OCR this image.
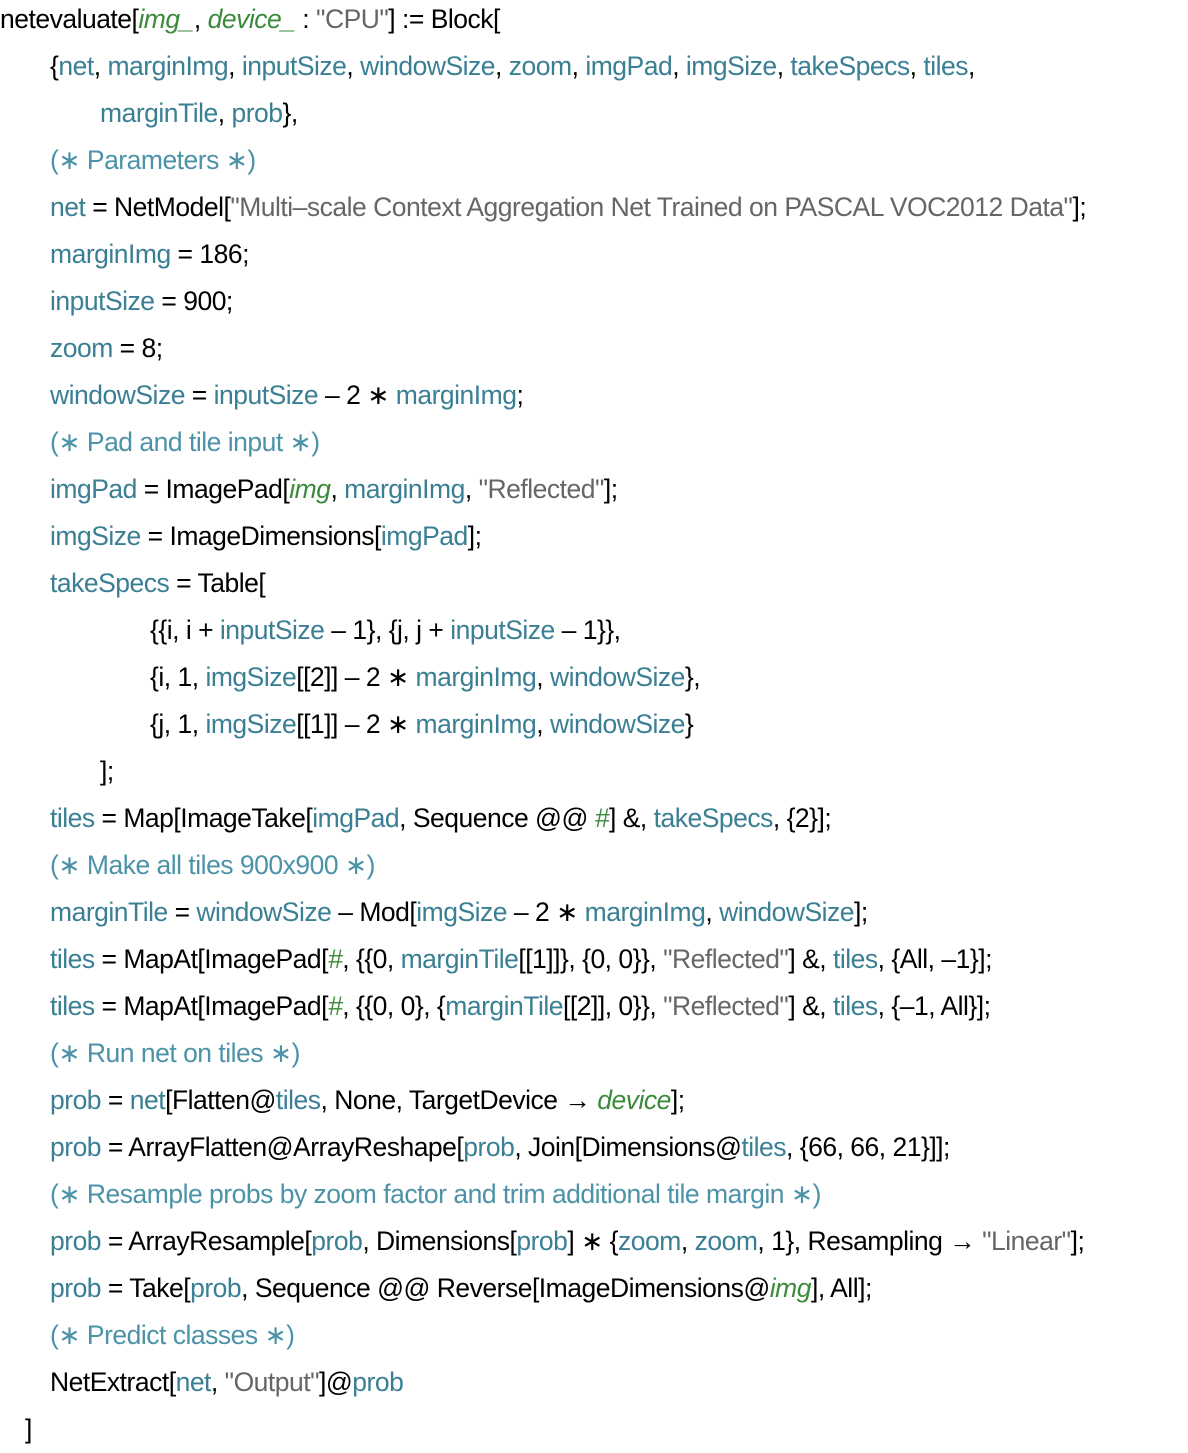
netevaluate[img_, device_ : "CPU"] := Block[
{net, marginImg, inputSize, windowSize, zoom, imgPad, imgSize, takeSpecs, tiles,
marginTile, prob},
(∗ Parameters ∗)
net = NetModel["Multi–scale Context Aggregation Net Trained on PASCAL VOC2012 Data"];
marginImg = 186;
inputSize = 900;
zoom = 8;
windowSize = inputSize – 2 ∗ marginImg;
(∗ Pad and tile input ∗)
imgPad = ImagePad[img, marginImg, "Reflected"];
imgSize = ImageDimensions[imgPad];
takeSpecs = Table[
{{i, i + inputSize – 1}, {j, j + inputSize – 1}},
{i, 1, imgSize[[2]] – 2 ∗ marginImg, windowSize},
{j, 1, imgSize[[1]] – 2 ∗ marginImg, windowSize}
];
tiles = Map[ImageTake[imgPad, Sequence @@ #] &, takeSpecs, {2}];
(∗ Make all tiles 900x900 ∗)
marginTile = windowSize – Mod[imgSize – 2 ∗ marginImg, windowSize];
tiles = MapAt[ImagePad[#, {{0, marginTile[[1]]}, {0, 0}}, "Reflected"] &, tiles, {All, –1}];
tiles = MapAt[ImagePad[#, {{0, 0}, {marginTile[[2]], 0}}, "Reflected"] &, tiles, {–1, All}];
(∗ Run net on tiles ∗)
prob = net[Flatten@tiles, None, TargetDevice → device];
prob = ArrayFlatten@ArrayReshape[prob, Join[Dimensions@tiles, {66, 66, 21}]];
(∗ Resample probs by zoom factor and trim additional tile margin ∗)
prob = ArrayResample[prob, Dimensions[prob] ∗ {zoom, zoom, 1}, Resampling → "Linear"];
prob = Take[prob, Sequence @@ Reverse[ImageDimensions@img], All];
(∗ Predict classes ∗)
NetExtract[net, "Output"]@prob
]
